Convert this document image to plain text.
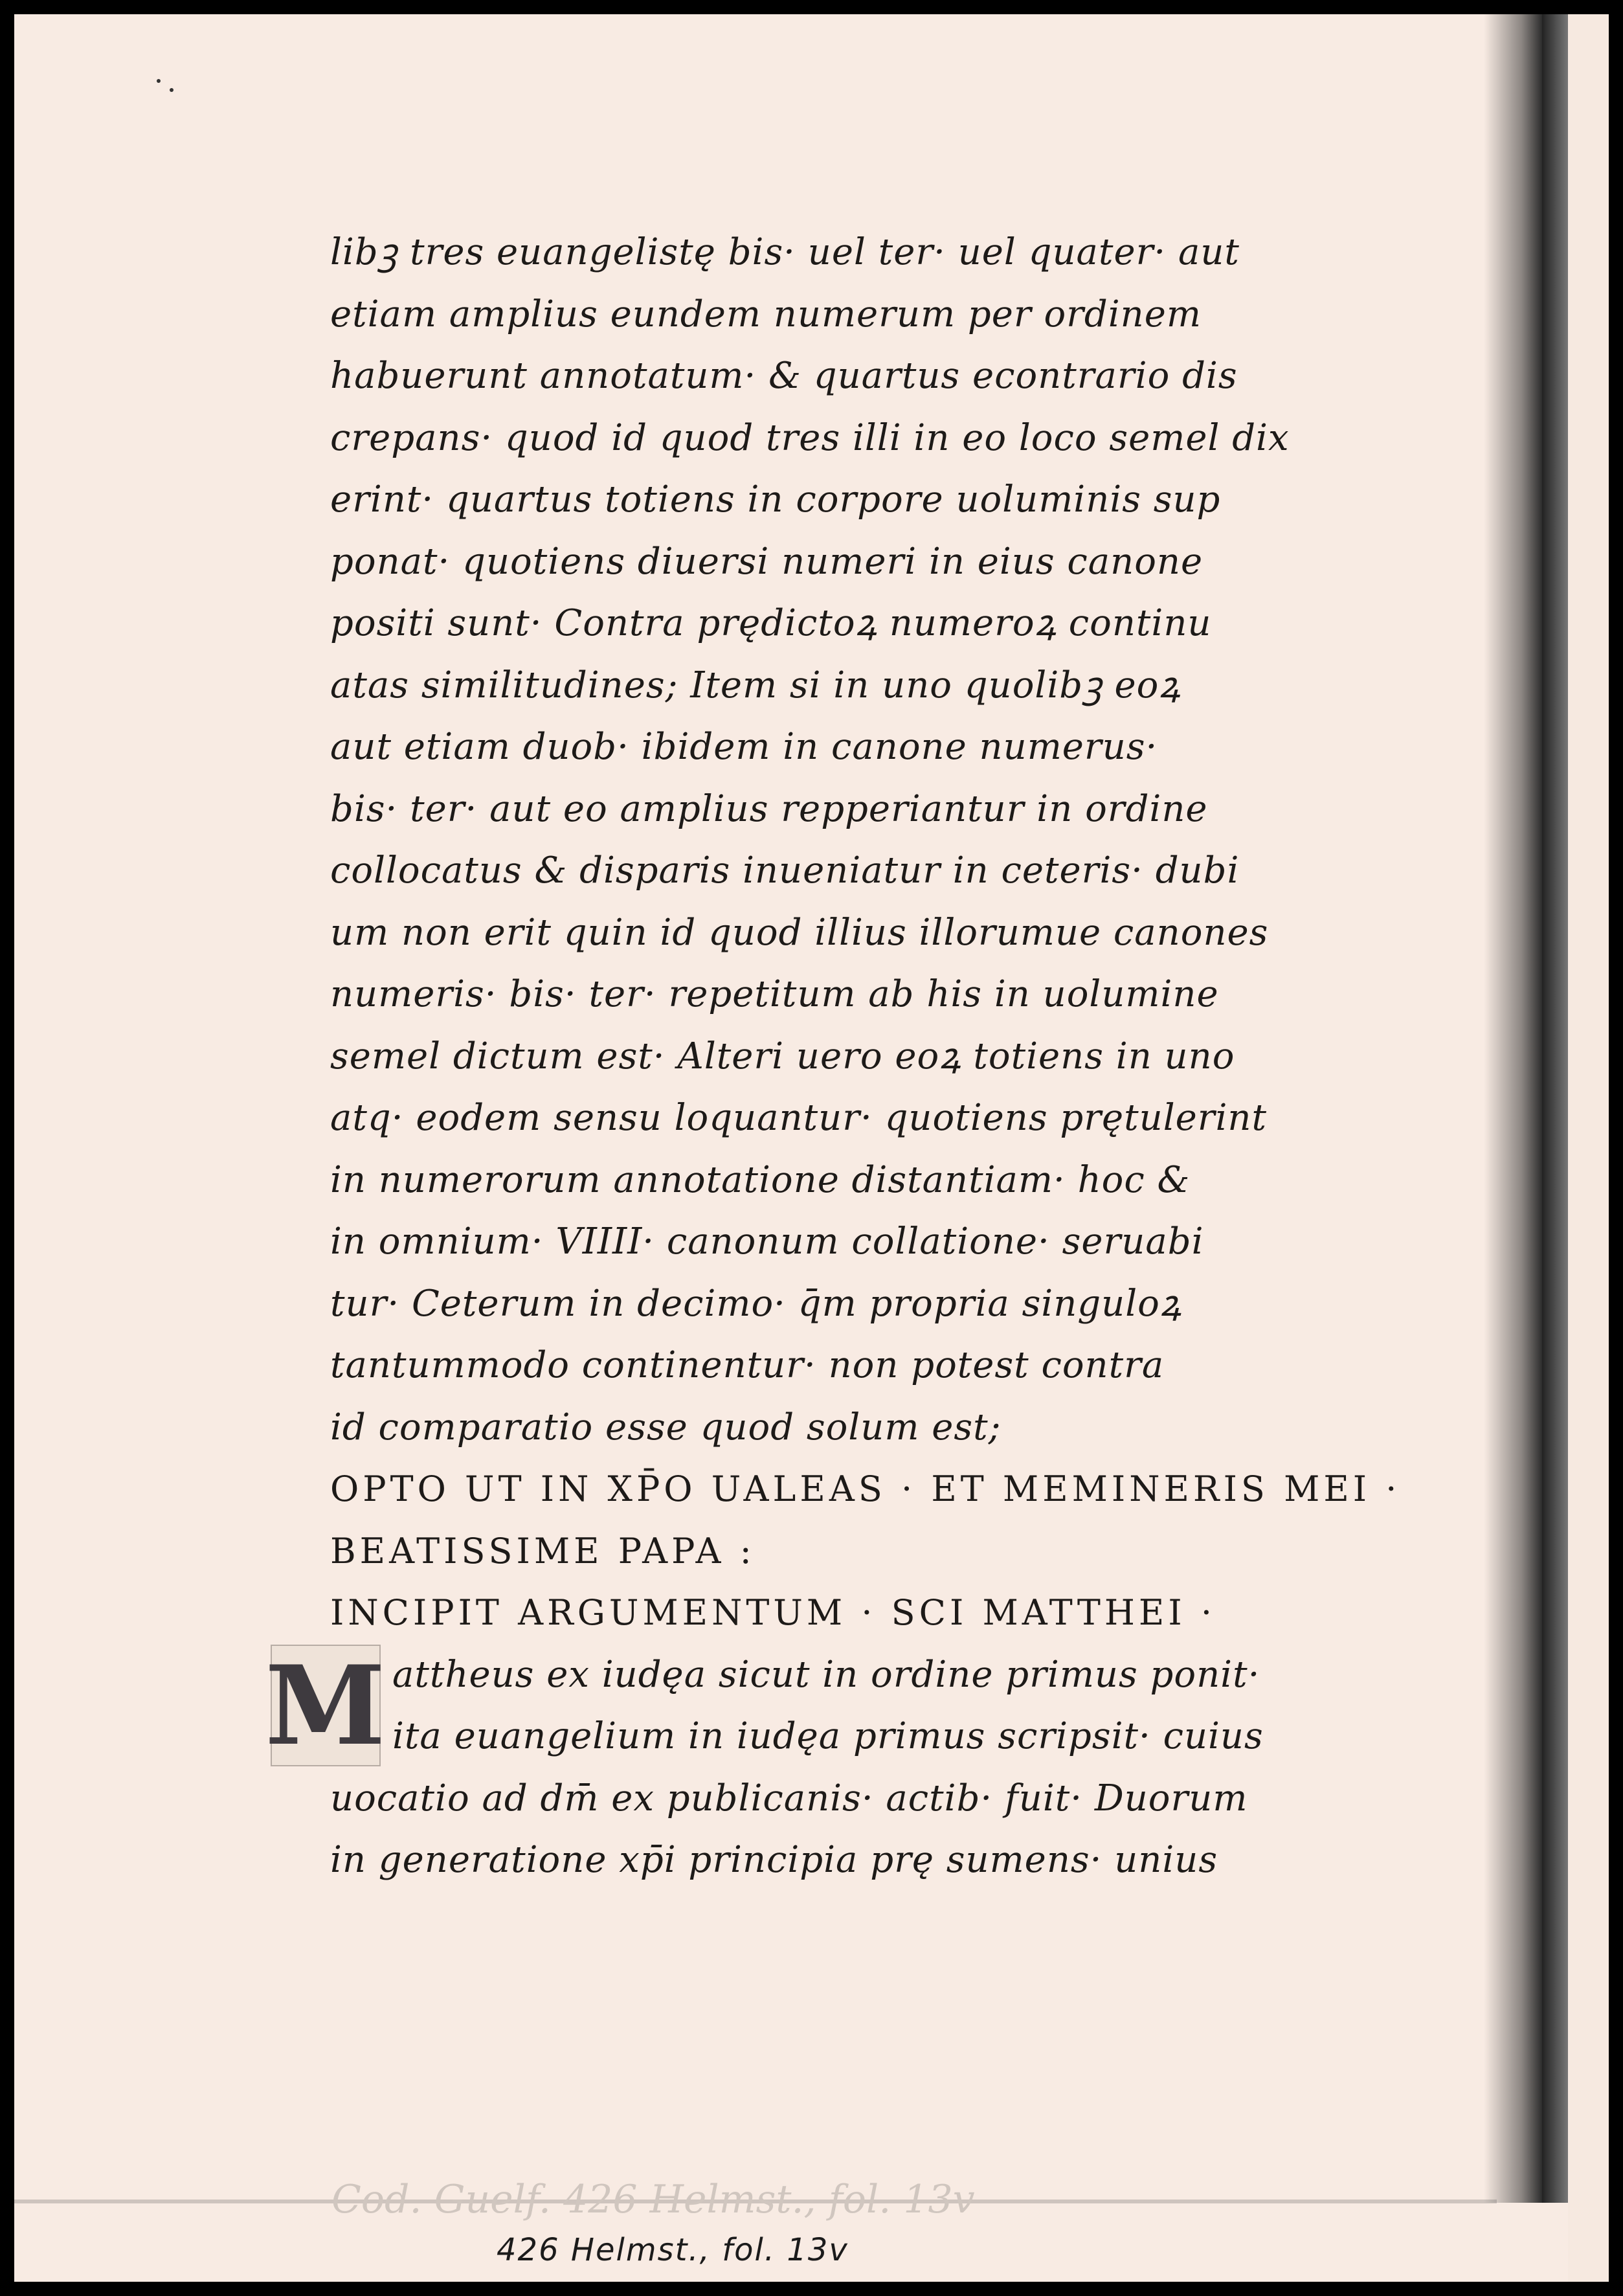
libꝫ tres euangelistę bis· uel ter· uel quater· aut
etiam amplius eundem numerum per ordinem
habuerunt annotatum· & quartus econtrario dis
crepans· quod id quod tres illi in eo loco semel dix
erint· quartus totiens in corpore uoluminis sup
ponat· quotiens diuersi numeri in eius canone
positi sunt· Contra prędictoꝝ numeroꝝ continu
atas similitudines; Item si in uno quolibꝫ eoꝝ
aut etiam duob· ibidem in canone numerus·
bis· ter· aut eo amplius repperiantur in ordine
collocatus & disparis inueniatur in ceteris· dubi
um non erit quin id quod illius illorumue canones
numeris· bis· ter· repetitum ab his in uolumine
semel dictum est· Alteri uero eoꝝ totiens in uno
atq· eodem sensu loquantur· quotiens prętulerint
in numerorum annotatione distantiam· hoc &
in omnium· VIIII· canonum collatione· seruabi
tur· Ceterum in decimo· q̄m propria singuloꝝ
tantummodo continentur· non potest contra
id comparatio esse quod solum est;
OPTO UT IN XP̄O UALEAS · ET MEMINERIS MEI ·
BEATISSIME PAPA :
INCIPIT ARGUMENTUM · SCI MATTHEI ·
M attheus ex iudęa sicut in ordine primus ponit·
ita euangelium in iudęa primus scripsit· cuius
uocatio ad dm̄ ex publicanis· actib· fuit· Duorum
in generatione xp̄i principia prę sumens· unius
Cod. Guelf. 426 Helmst., fol. 13v
426 Helmst., fol. 13v
